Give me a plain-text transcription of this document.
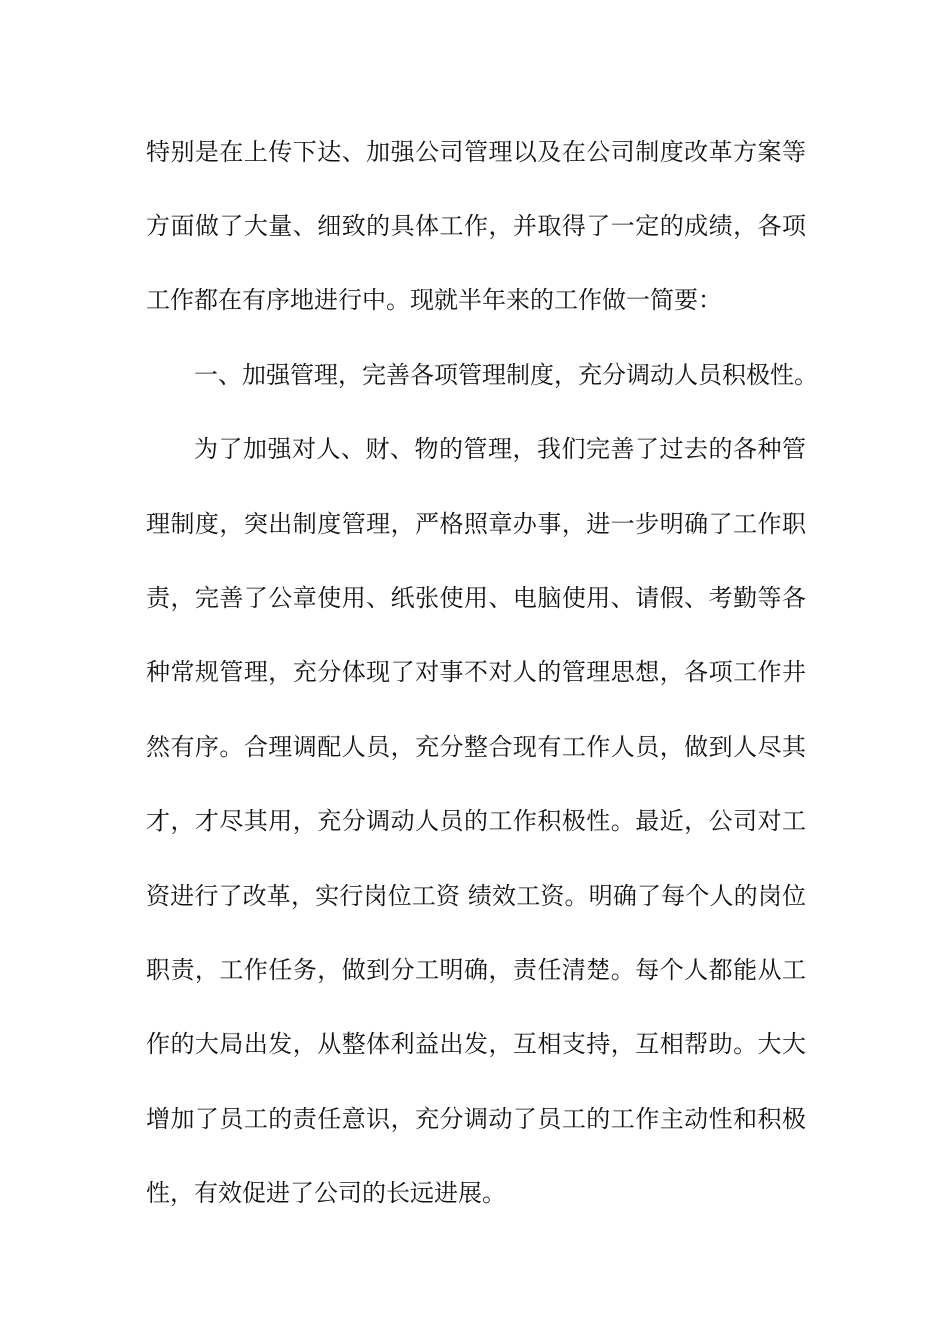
特别是在上传下达、加强公司管理以及在公司制度改革方案等
方面做了大量、细致的具体工作，并取得了一定的成绩，各项
工作都在有序地进行中。现就半年来的工作做一简要：
一、加强管理，完善各项管理制度，充分调动人员积极性。
为了加强对人、财、物的管理，我们完善了过去的各种管
理制度，突出制度管理，严格照章办事，进一步明确了工作职
责，完善了公章使用、纸张使用、电脑使用、请假、考勤等各
种常规管理，充分体现了对事不对人的管理思想，各项工作井
然有序。合理调配人员，充分整合现有工作人员，做到人尽其
才，才尽其用，充分调动人员的工作积极性。最近，公司对工
资进行了改革，实行岗位工资 绩效工资。明确了每个人的岗位
职责，工作任务，做到分工明确，责任清楚。每个人都能从工
作的大局出发，从整体利益出发，互相支持，互相帮助。大大
增加了员工的责任意识，充分调动了员工的工作主动性和积极
性，有效促进了公司的长远进展。
